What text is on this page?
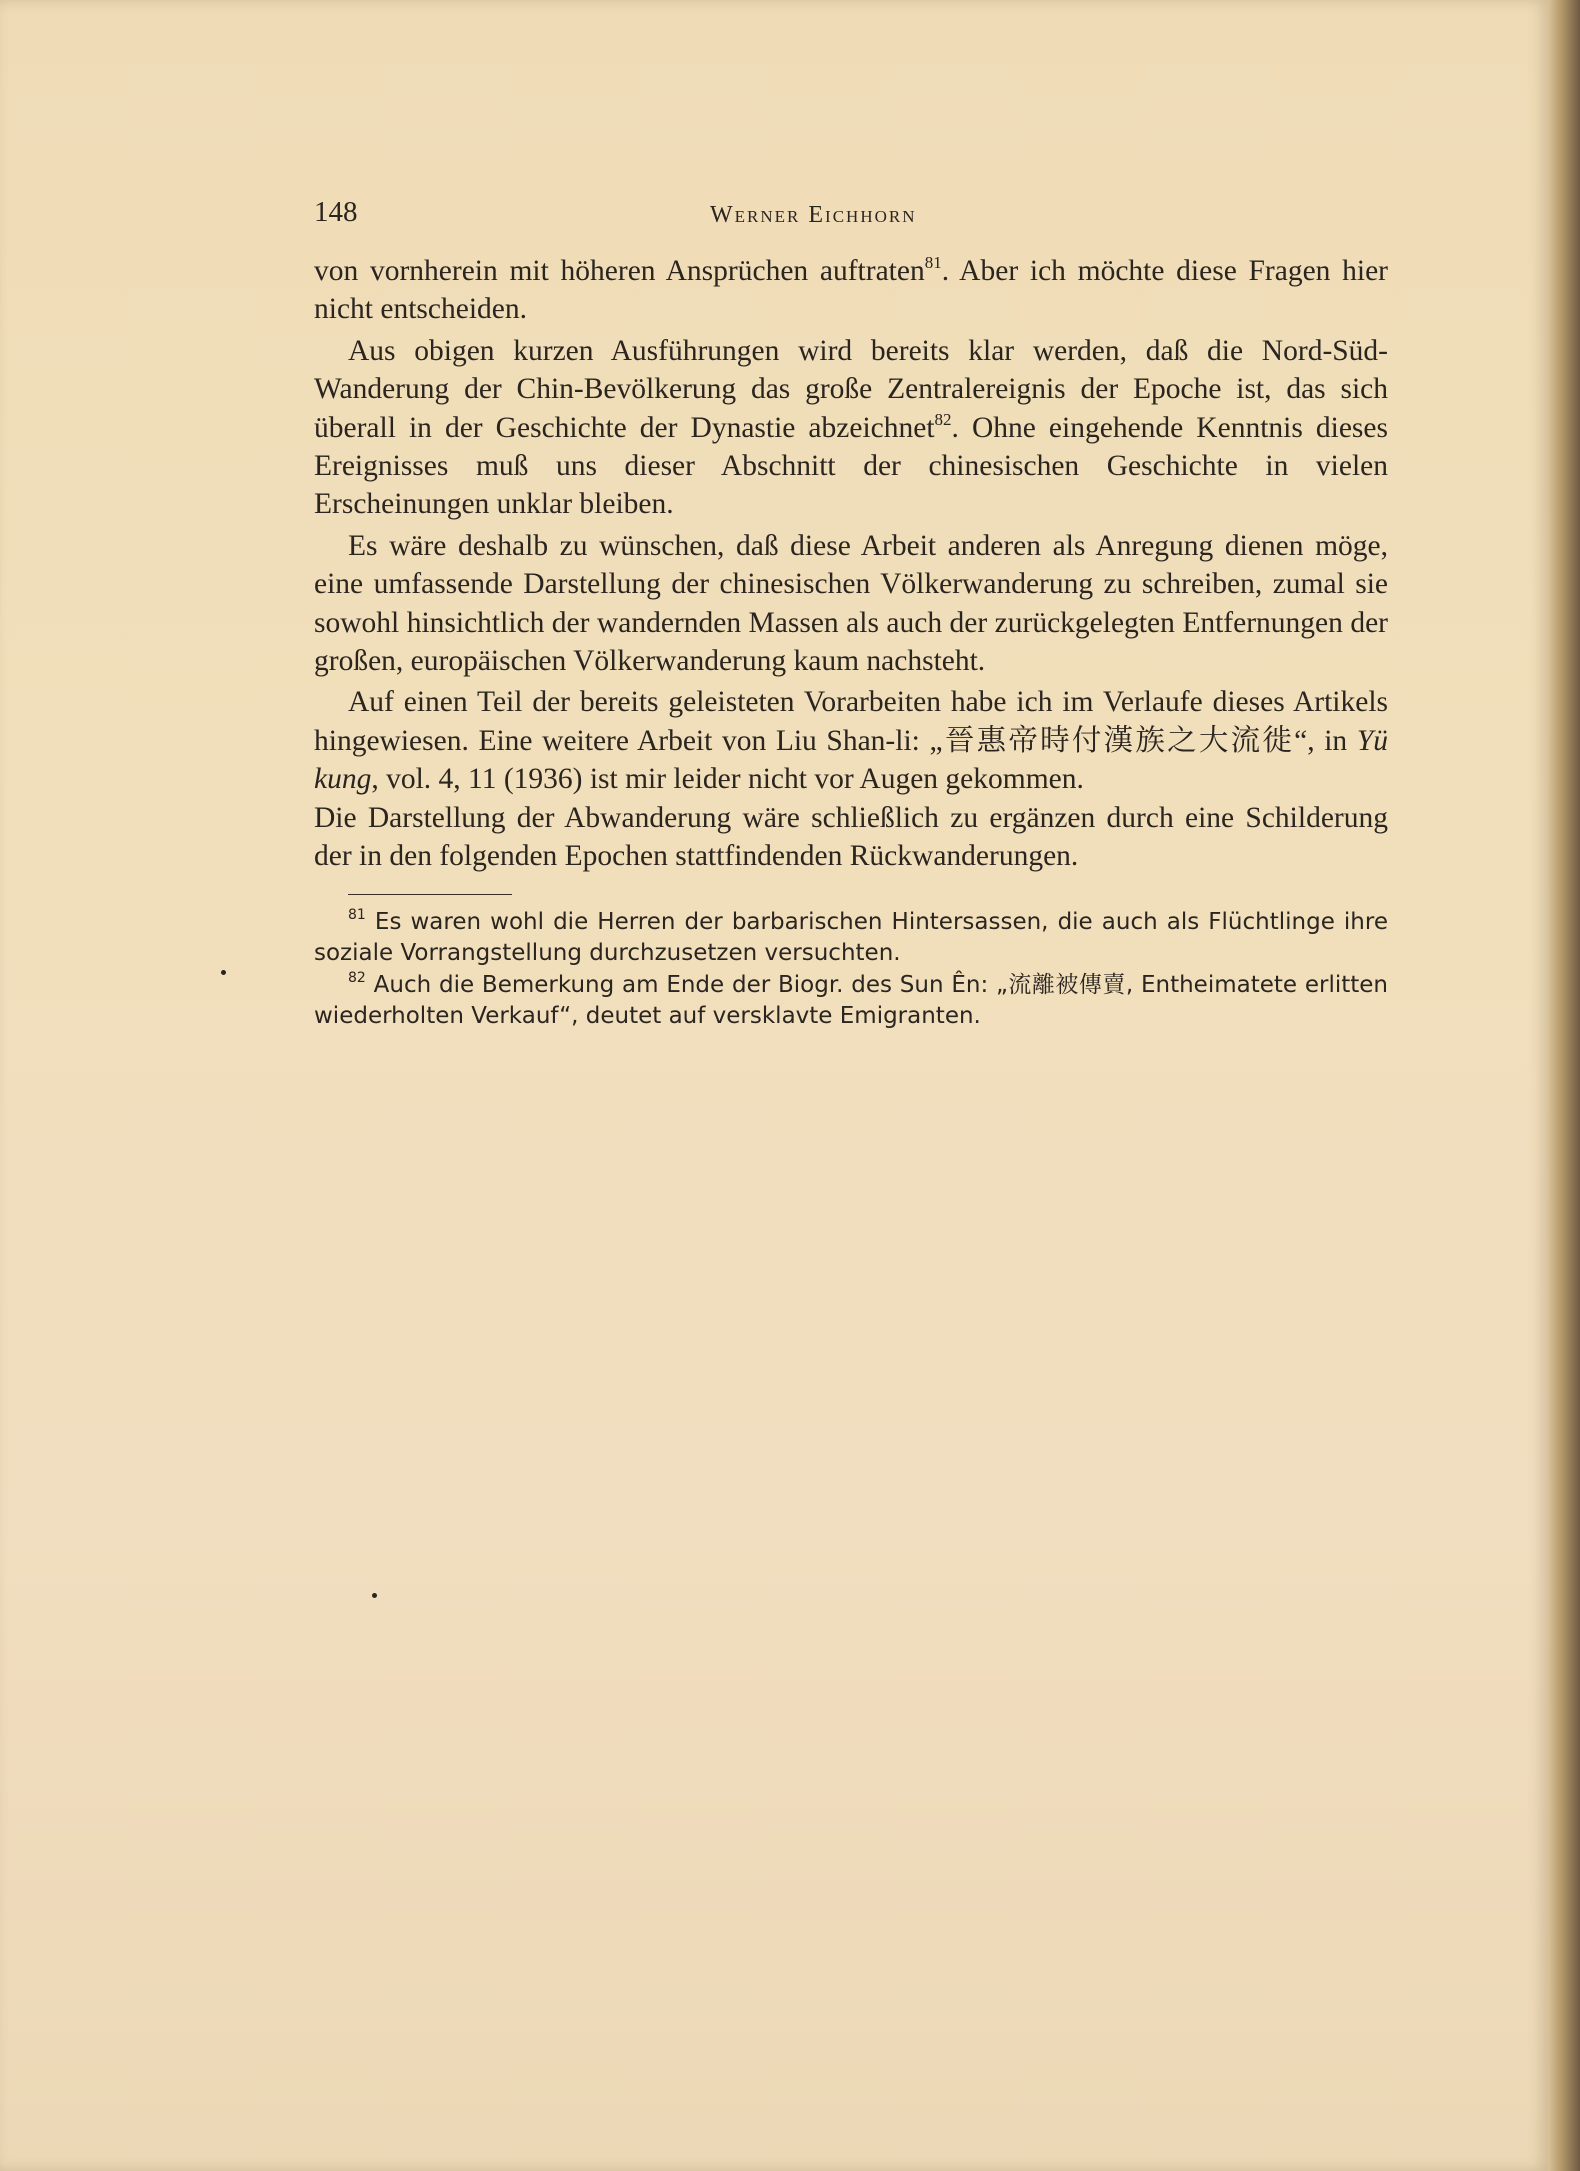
148	Werner Eichhorn

von vornherein mit höheren Ansprüchen auftraten$^{81}$. Aber ich möchte diese Fragen hier nicht entscheiden.

Aus obigen kurzen Ausführungen wird bereits klar werden, daß die Nord-Süd-Wanderung der Chin-Bevölkerung das große Zentralereignis der Epoche ist, das sich überall in der Geschichte der Dynastie abzeichnet$^{82}$. Ohne eingehende Kenntnis dieses Ereignisses muß uns dieser Abschnitt der chinesischen Geschichte in vielen Erscheinungen unklar bleiben.

Es wäre deshalb zu wünschen, daß diese Arbeit anderen als Anregung dienen möge, eine umfassende Darstellung der chinesischen Völkerwanderung zu schreiben, zumal sie sowohl hinsichtlich der wandernden Massen als auch der zurückgelegten Entfernungen der großen, europäischen Völkerwanderung kaum nachsteht.

Auf einen Teil der bereits geleisteten Vorarbeiten habe ich im Verlaufe dieses Artikels hingewiesen. Eine weitere Arbeit von Liu Shan-li: „晉惠帝時付漢族之大流徙“, in Yü kung, vol. 4, 11 (1936) ist mir leider nicht vor Augen gekommen.

Die Darstellung der Abwanderung wäre schließlich zu ergänzen durch eine Schilderung der in den folgenden Epochen stattfindenden Rückwanderungen.

$^{81}$ Es waren wohl die Herren der barbarischen Hintersassen, die auch als Flüchtlinge ihre soziale Vorrangstellung durchzusetzen versuchten.

$^{82}$ Auch die Bemerkung am Ende der Biogr. des Sun Ên: „流離被傳賣, Entheimatete erlitten wiederholten Verkauf“, deutet auf versklavte Emigranten.
